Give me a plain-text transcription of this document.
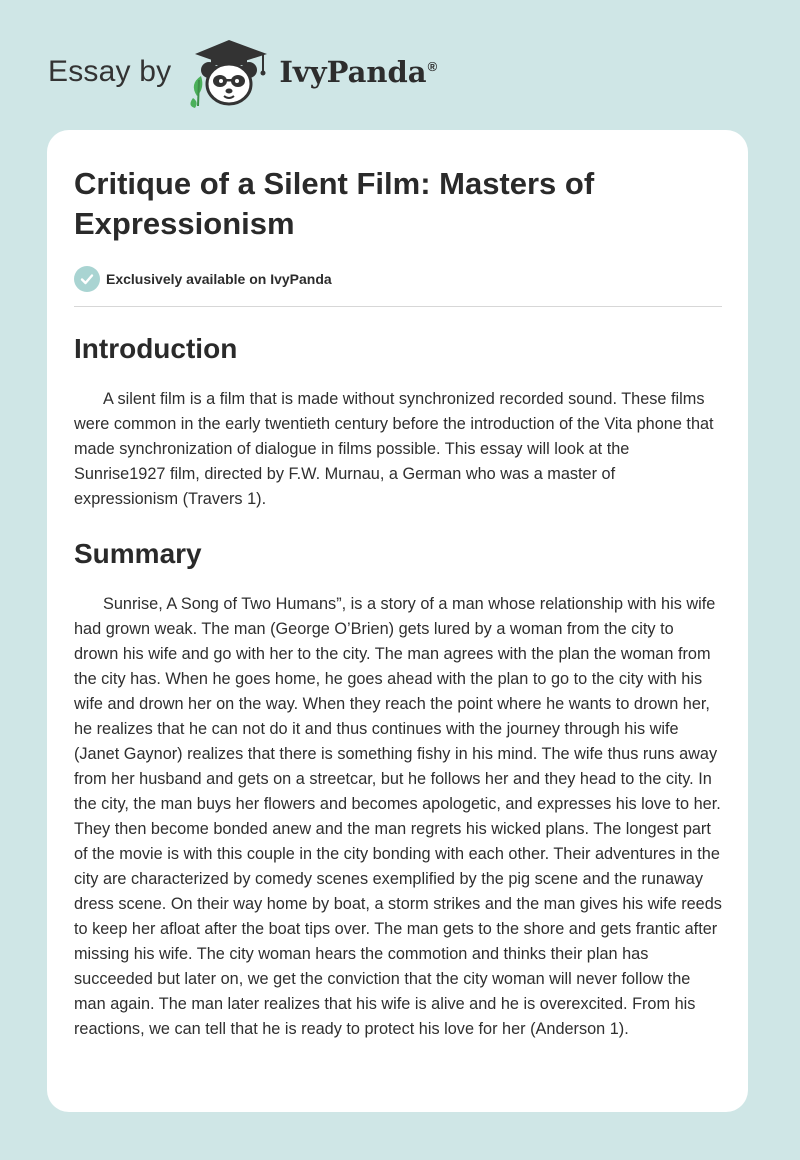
Essay by	IvyPanda®
Critique of a Silent Film: Masters of Expressionism
Exclusively available on IvyPanda
Introduction

A silent film is a film that is made without synchronized recorded sound. These films were common in the early twentieth century before the introduction of the Vita phone that made synchronization of dialogue in films possible. This essay will look at the Sunrise1927 film, directed by F.W. Murnau, a German who was a master of expressionism (Travers 1).

Summary

Sunrise, A Song of Two Humans”, is a story of a man whose relationship with his wife had grown weak. The man (George O’Brien) gets lured by a woman from the city to drown his wife and go with her to the city. The man agrees with the plan the woman from the city has. When he goes home, he goes ahead with the plan to go to the city with his wife and drown her on the way. When they reach the point where he wants to drown her, he realizes that he can not do it and thus continues with the journey through his wife (Janet Gaynor) realizes that there is something fishy in his mind. The wife thus runs away from her husband and gets on a streetcar, but he follows her and they head to the city. In the city, the man buys her flowers and becomes apologetic, and expresses his love to her. They then become bonded anew and the man regrets his wicked plans. The longest part of the movie is with this couple in the city bonding with each other. Their adventures in the city are characterized by comedy scenes exemplified by the pig scene and the runaway dress scene. On their way home by boat, a storm strikes and the man gives his wife reeds to keep her afloat after the boat tips over. The man gets to the shore and gets frantic after missing his wife. The city woman hears the commotion and thinks their plan has succeeded but later on, we get the conviction that the city woman will never follow the man again. The man later realizes that his wife is alive and he is overexcited. From his reactions, we can tell that he is ready to protect his love for her (Anderson 1).
